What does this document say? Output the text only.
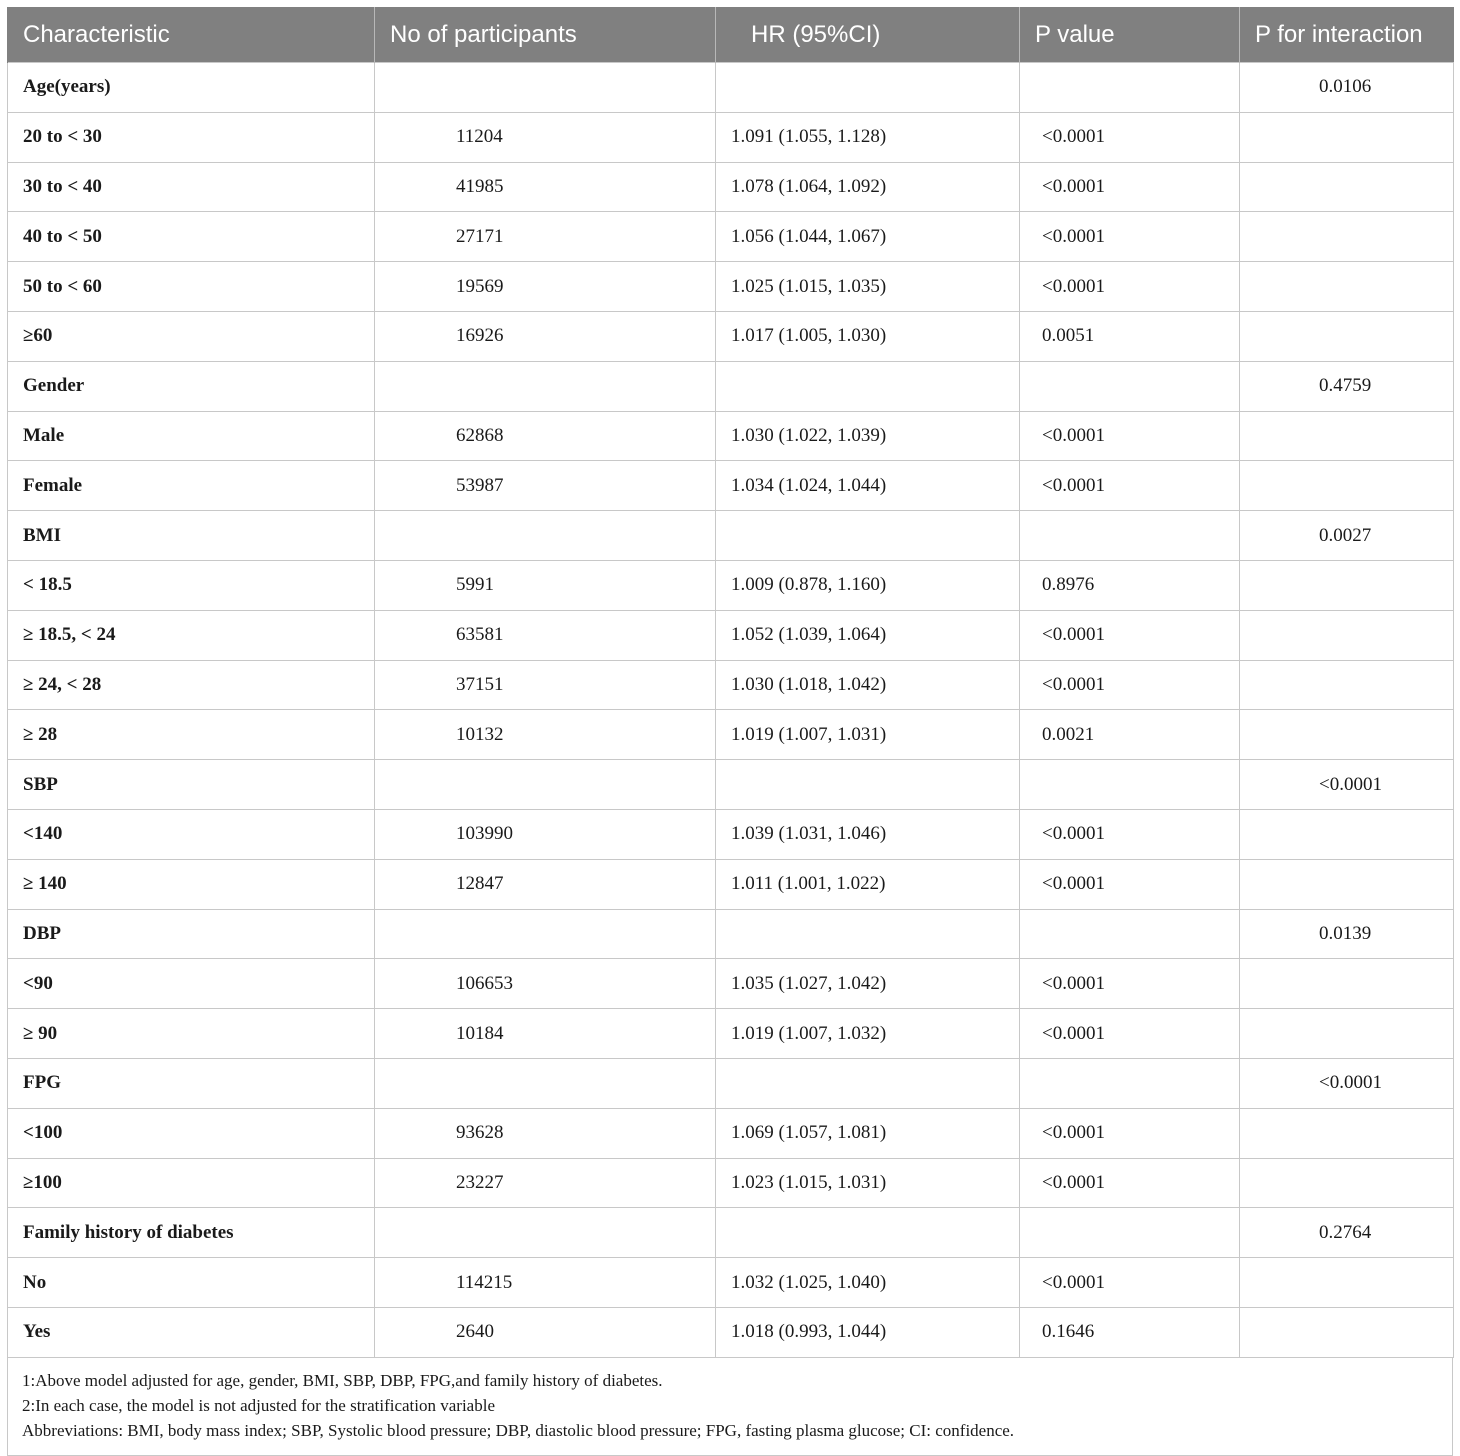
Characteristic	No of participants	HR (95%CI)	P value	P for interaction
Age(years)				0.0106
20 to < 30	11204	1.091 (1.055, 1.128)	<0.0001	
30 to < 40	41985	1.078 (1.064, 1.092)	<0.0001	
40 to < 50	27171	1.056 (1.044, 1.067)	<0.0001	
50 to < 60	19569	1.025 (1.015, 1.035)	<0.0001	
≥60	16926	1.017 (1.005, 1.030)	0.0051	
Gender				0.4759
Male	62868	1.030 (1.022, 1.039)	<0.0001	
Female	53987	1.034 (1.024, 1.044)	<0.0001	
BMI				0.0027
< 18.5	5991	1.009 (0.878, 1.160)	0.8976	
≥ 18.5, < 24	63581	1.052 (1.039, 1.064)	<0.0001	
≥ 24, < 28	37151	1.030 (1.018, 1.042)	<0.0001	
≥ 28	10132	1.019 (1.007, 1.031)	0.0021	
SBP				<0.0001
<140	103990	1.039 (1.031, 1.046)	<0.0001	
≥ 140	12847	1.011 (1.001, 1.022)	<0.0001	
DBP				0.0139
<90	106653	1.035 (1.027, 1.042)	<0.0001	
≥ 90	10184	1.019 (1.007, 1.032)	<0.0001	
FPG				<0.0001
<100	93628	1.069 (1.057, 1.081)	<0.0001	
≥100	23227	1.023 (1.015, 1.031)	<0.0001	
Family history of diabetes				0.2764
No	114215	1.032 (1.025, 1.040)	<0.0001	
Yes	2640	1.018 (0.993, 1.044)	0.1646	
1:Above model adjusted for age, gender, BMI, SBP, DBP, FPG,and family history of diabetes.
2:In each case, the model is not adjusted for the stratification variable
Abbreviations: BMI, body mass index; SBP, Systolic blood pressure; DBP, diastolic blood pressure; FPG, fasting plasma glucose; CI: confidence.
